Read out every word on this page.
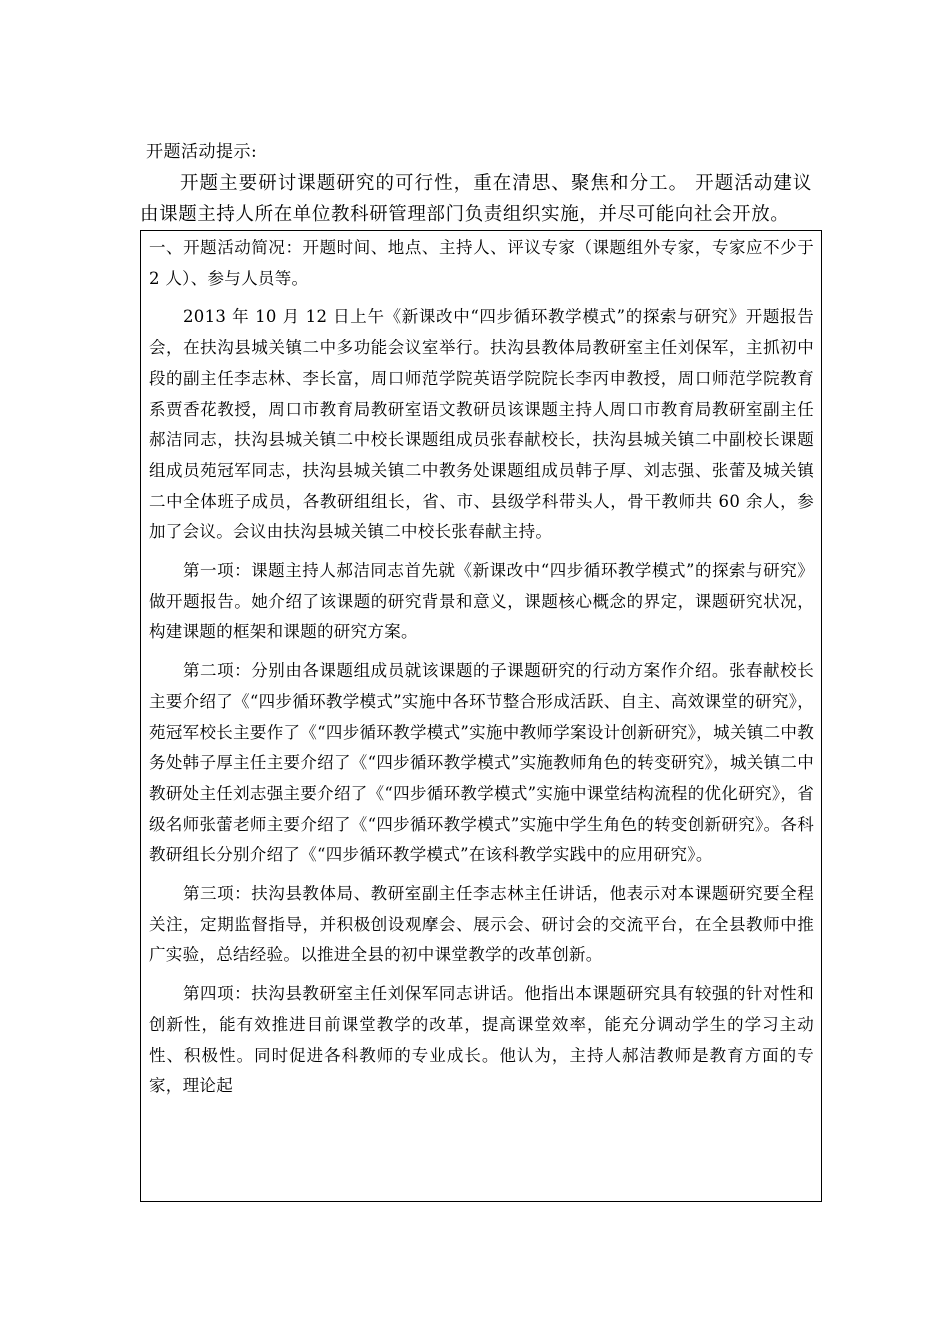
开题活动提示:

开题主要研讨课题研究的可行性，重在清思、聚焦和分工。 开题活动建议由课题主持人所在单位教科研管理部门负责组织实施，并尽可能向社会开放。

一、开题活动简况：开题时间、地点、主持人、评议专家（课题组外专家，专家应不少于 2 人）、参与人员等。

2013 年 10 月 12 日上午《新课改中“四步循环教学模式”的探索与研究》开题报告会，在扶沟县城关镇二中多功能会议室举行。扶沟县教体局教研室主任刘保军，主抓初中段的副主任李志林、李长富，周口师范学院英语学院院长李丙申教授，周口师范学院教育系贾香花教授，周口市教育局教研室语文教研员该课题主持人周口市教育局教研室副主任郝洁同志，扶沟县城关镇二中校长课题组成员张春献校长，扶沟县城关镇二中副校长课题组成员苑冠军同志，扶沟县城关镇二中教务处课题组成员韩子厚、刘志强、张蕾及城关镇二中全体班子成员，各教研组组长，省、市、县级学科带头人，骨干教师共 60 余人，参加了会议。会议由扶沟县城关镇二中校长张春献主持。

第一项：课题主持人郝洁同志首先就《新课改中“四步循环教学模式”的探索与研究》做开题报告。她介绍了该课题的研究背景和意义，课题核心概念的界定，课题研究状况，构建课题的框架和课题的研究方案。

第二项：分别由各课题组成员就该课题的子课题研究的行动方案作介绍。张春献校长主要介绍了《“四步循环教学模式”实施中各环节整合形成活跃、自主、高效课堂的研究》，苑冠军校长主要作了《“四步循环教学模式”实施中教师学案设计创新研究》，城关镇二中教务处韩子厚主任主要介绍了《“四步循环教学模式”实施教师角色的转变研究》，城关镇二中教研处主任刘志强主要介绍了《“四步循环教学模式”实施中课堂结构流程的优化研究》，省级名师张蕾老师主要介绍了《“四步循环教学模式”实施中学生角色的转变创新研究》。各科教研组长分别介绍了《“四步循环教学模式”在该科教学实践中的应用研究》。

第三项：扶沟县教体局、教研室副主任李志林主任讲话，他表示对本课题研究要全程关注，定期监督指导，并积极创设观摩会、展示会、研讨会的交流平台，在全县教师中推广实验，总结经验。以推进全县的初中课堂教学的改革创新。

第四项：扶沟县教研室主任刘保军同志讲话。他指出本课题研究具有较强的针对性和创新性，能有效推进目前课堂教学的改革，提高课堂效率，能充分调动学生的学习主动性、积极性。同时促进各科教师的专业成长。他认为，主持人郝洁教师是教育方面的专家，理论起
